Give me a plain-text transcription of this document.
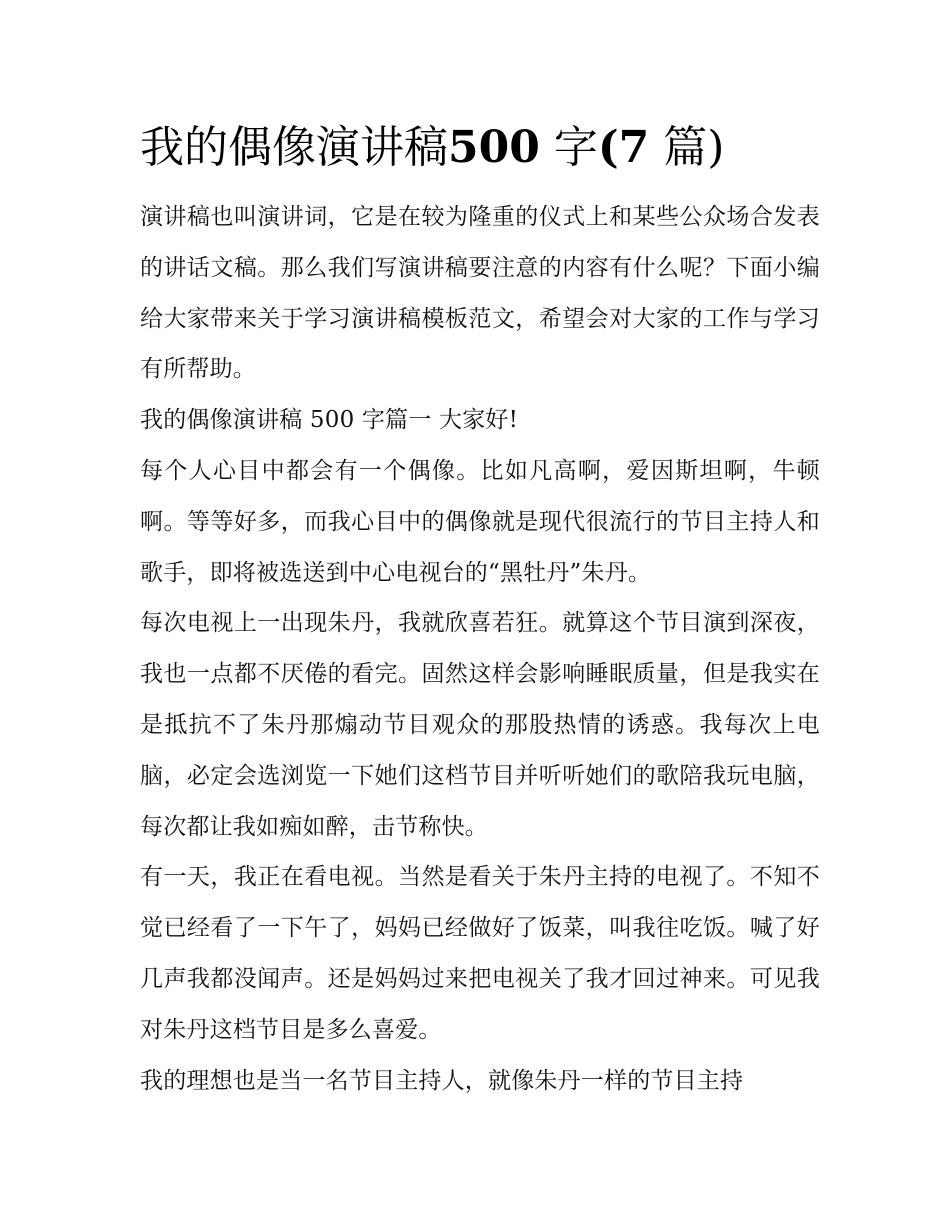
我的偶像演讲稿500 字(7 篇)

演讲稿也叫演讲词，它是在较为隆重的仪式上和某些公众场合发表的讲话文稿。那么我们写演讲稿要注意的内容有什么呢？下面小编给大家带来关于学习演讲稿模板范文，希望会对大家的工作与学习有所帮助。

我的偶像演讲稿 500 字篇一 大家好!

每个人心目中都会有一个偶像。比如凡高啊，爱因斯坦啊，牛顿啊。等等好多，而我心目中的偶像就是现代很流行的节目主持人和歌手，即将被选送到中心电视台的“黑牡丹”朱丹。

每次电视上一出现朱丹，我就欣喜若狂。就算这个节目演到深夜，我也一点都不厌倦的看完。固然这样会影响睡眠质量，但是我实在是抵抗不了朱丹那煽动节目观众的那股热情的诱惑。我每次上电脑，必定会选浏览一下她们这档节目并听听她们的歌陪我玩电脑，每次都让我如痴如醉，击节称快。

有一天，我正在看电视。当然是看关于朱丹主持的电视了。不知不觉已经看了一下午了，妈妈已经做好了饭菜，叫我往吃饭。喊了好几声我都没闻声。还是妈妈过来把电视关了我才回过神来。可见我对朱丹这档节目是多么喜爱。

我的理想也是当一名节目主持人，就像朱丹一样的节目主持
